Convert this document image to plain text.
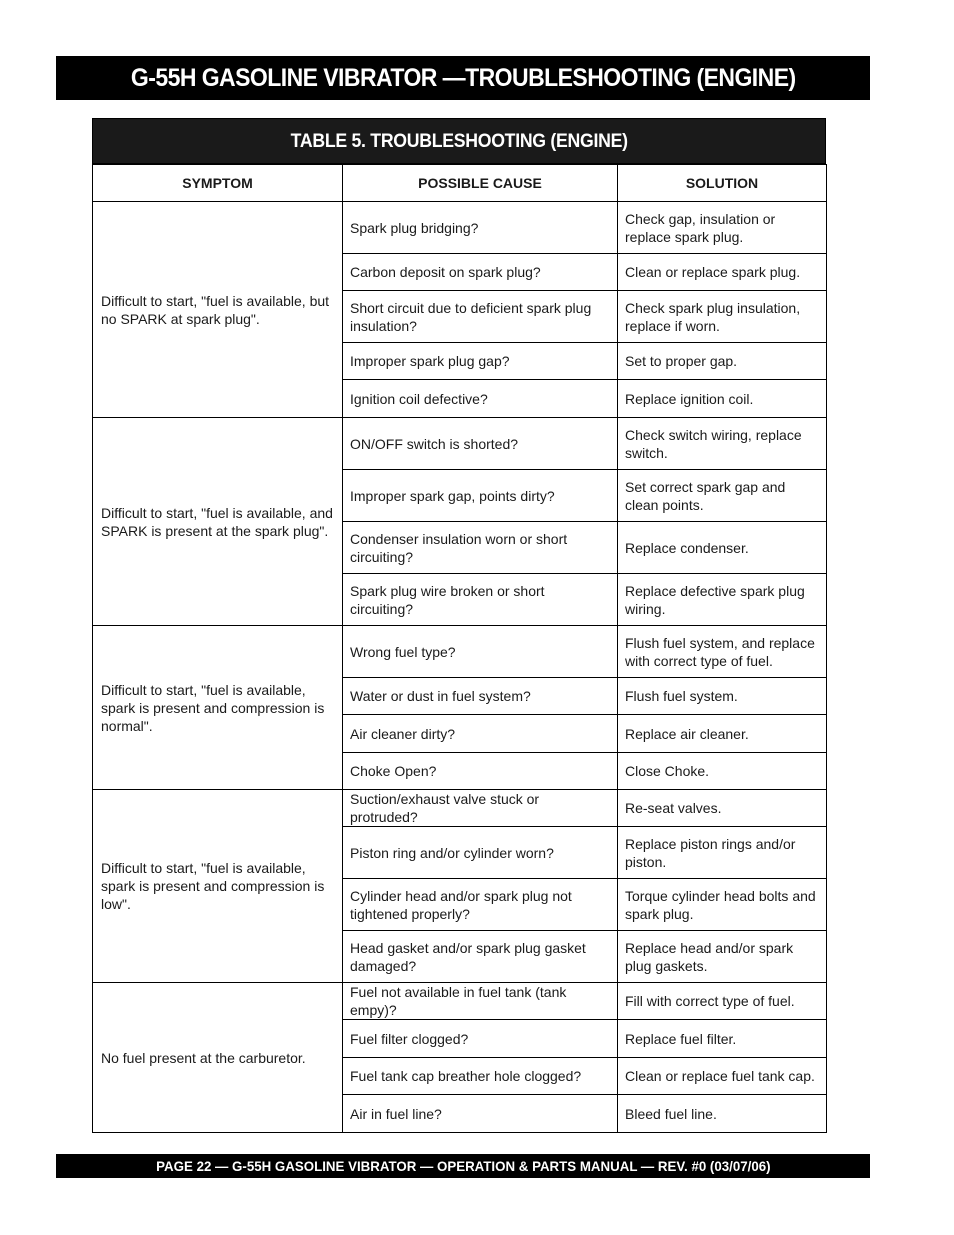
G-55H GASOLINE VIBRATOR —TROUBLESHOOTING (ENGINE)
TABLE 5. TROUBLESHOOTING (ENGINE)
SYMPTOM	POSSIBLE CAUSE	SOLUTION
Difficult to start, "fuel is available, but no SPARK at spark plug".	Spark plug bridging?	Check gap, insulation or replace spark plug.
	Carbon deposit on spark plug?	Clean or replace spark plug.
	Short circuit due to deficient spark plug insulation?	Check spark plug insulation, replace if worn.
	Improper spark plug gap?	Set to proper gap.
	Ignition coil defective?	Replace ignition coil.
Difficult to start, "fuel is available, and SPARK is present at the spark plug".	ON/OFF switch is shorted?	Check switch wiring, replace switch.
	Improper spark gap, points dirty?	Set correct spark gap and clean points.
	Condenser insulation worn or short circuiting?	Replace condenser.
	Spark plug wire broken or short circuiting?	Replace defective spark plug wiring.
Difficult to start, "fuel is available, spark is present and compression is normal".	Wrong fuel type?	Flush fuel system, and replace with correct type of fuel.
	Water or dust in fuel system?	Flush fuel system.
	Air cleaner dirty?	Replace air cleaner.
	Choke Open?	Close Choke.
Difficult to start, "fuel is available, spark is present and compression is low".	Suction/exhaust valve stuck or protruded?	Re-seat valves.
	Piston ring and/or cylinder worn?	Replace piston rings and/or piston.
	Cylinder head and/or spark plug not tightened properly?	Torque cylinder head bolts and spark plug.
	Head gasket and/or spark plug gasket damaged?	Replace head and/or spark plug gaskets.
No fuel present at the carburetor.	Fuel not available in fuel tank (tank empy)?	Fill with correct type of fuel.
	Fuel filter clogged?	Replace fuel filter.
	Fuel tank cap breather hole clogged?	Clean or replace fuel tank cap.
	Air in fuel line?	Bleed fuel line.
PAGE 22 — G-55H GASOLINE VIBRATOR — OPERATION & PARTS MANUAL — REV. #0 (03/07/06)
